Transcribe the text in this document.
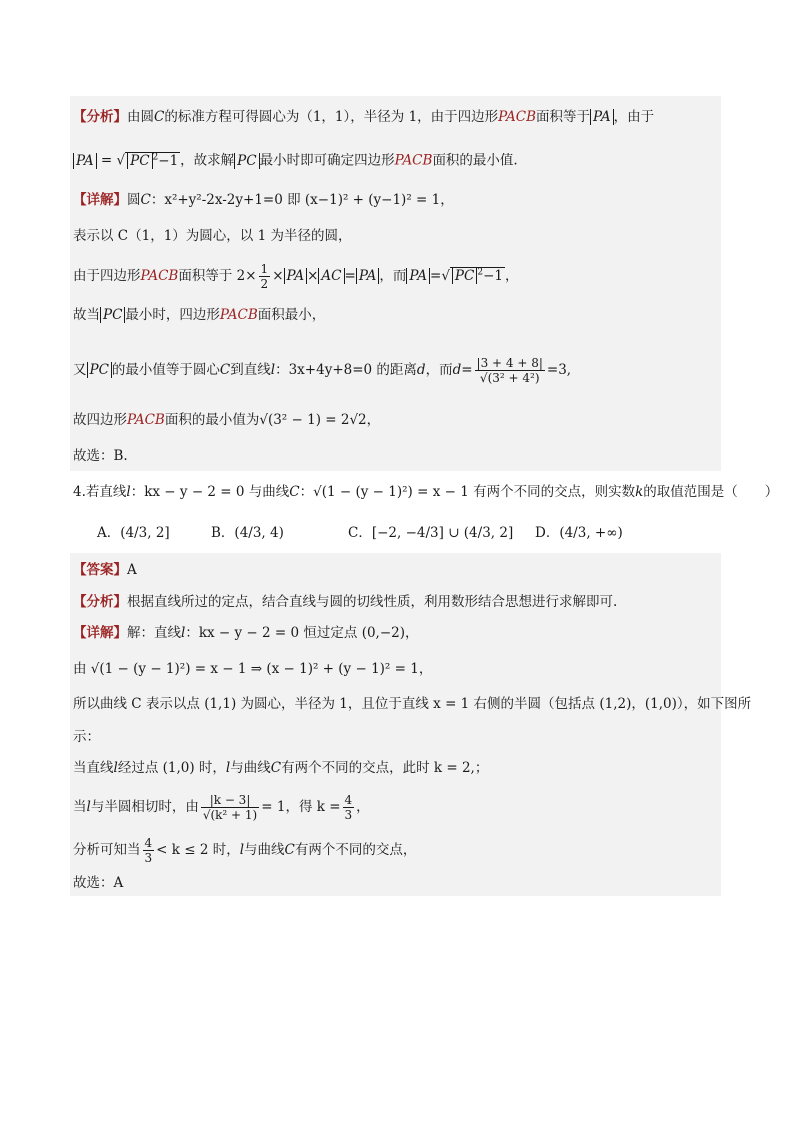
【分析】由圆C的标准方程可得圆心为（1，1），半径为 1，由于四边形PACB面积等于 PA ，由于
PA = √ PC $^2$−1 ，故求解 PC 最小时即可确定四边形PACB面积的最小值.
【详解】圆C：x²+y²-2x-2y+1=0 即 (x−1)² + (y−1)² = 1，
表示以 C（1，1）为圆心，以 1 为半径的圆，
由于四边形PACB面积等于 $2\times \frac{1}{2}$ × PA × AC = PA ，而 PA =√ PC $^2$−1 ，
故当 PC 最小时，四边形PACB面积最小，
又 PC 的最小值等于圆心C到直线l：3x+4y+8=0 的距离d，而$d= \frac{|3 + 4 + 8|}{\text{√(3² + 4²)}} =3$,
故四边形PACB面积的最小值为√(3² − 1) = 2√2，
故选：B.
4.若直线l：kx − y − 2 = 0 与曲线C：√(1 − (y − 1)²) = x − 1 有两个不同的交点，则实数k的取值范围是（　　）
A．(4/3, 2]	B．(4/3, 4)	C．[−2, −4/3] ∪ (4/3, 2] D．(4/3, +∞)
【答案】A
【分析】根据直线所过的定点，结合直线与圆的切线性质，利用数形结合思想进行求解即可.
【详解】解：直线l：kx − y − 2 = 0 恒过定点 (0,−2)，
由 √(1 − (y − 1)²) = x − 1 ⇒ (x − 1)² + (y − 1)² = 1，
所以曲线 C 表示以点 (1,1) 为圆心，半径为 1，且位于直线 x = 1 右侧的半圆（包括点 (1,2)，(1,0)），如下图所
示：
当直线l经过点 (1,0) 时，l与曲线C有两个不同的交点，此时 k = 2,；
当l与半圆相切时，由 $\frac{|k - 3|}{\text{√(k² + 1)}} = 1$，得 $k = \frac{4}{3}$ ，
分析可知当 $\frac{4}{3} < k \le 2$ 时，l与曲线C有两个不同的交点，
故选：A
